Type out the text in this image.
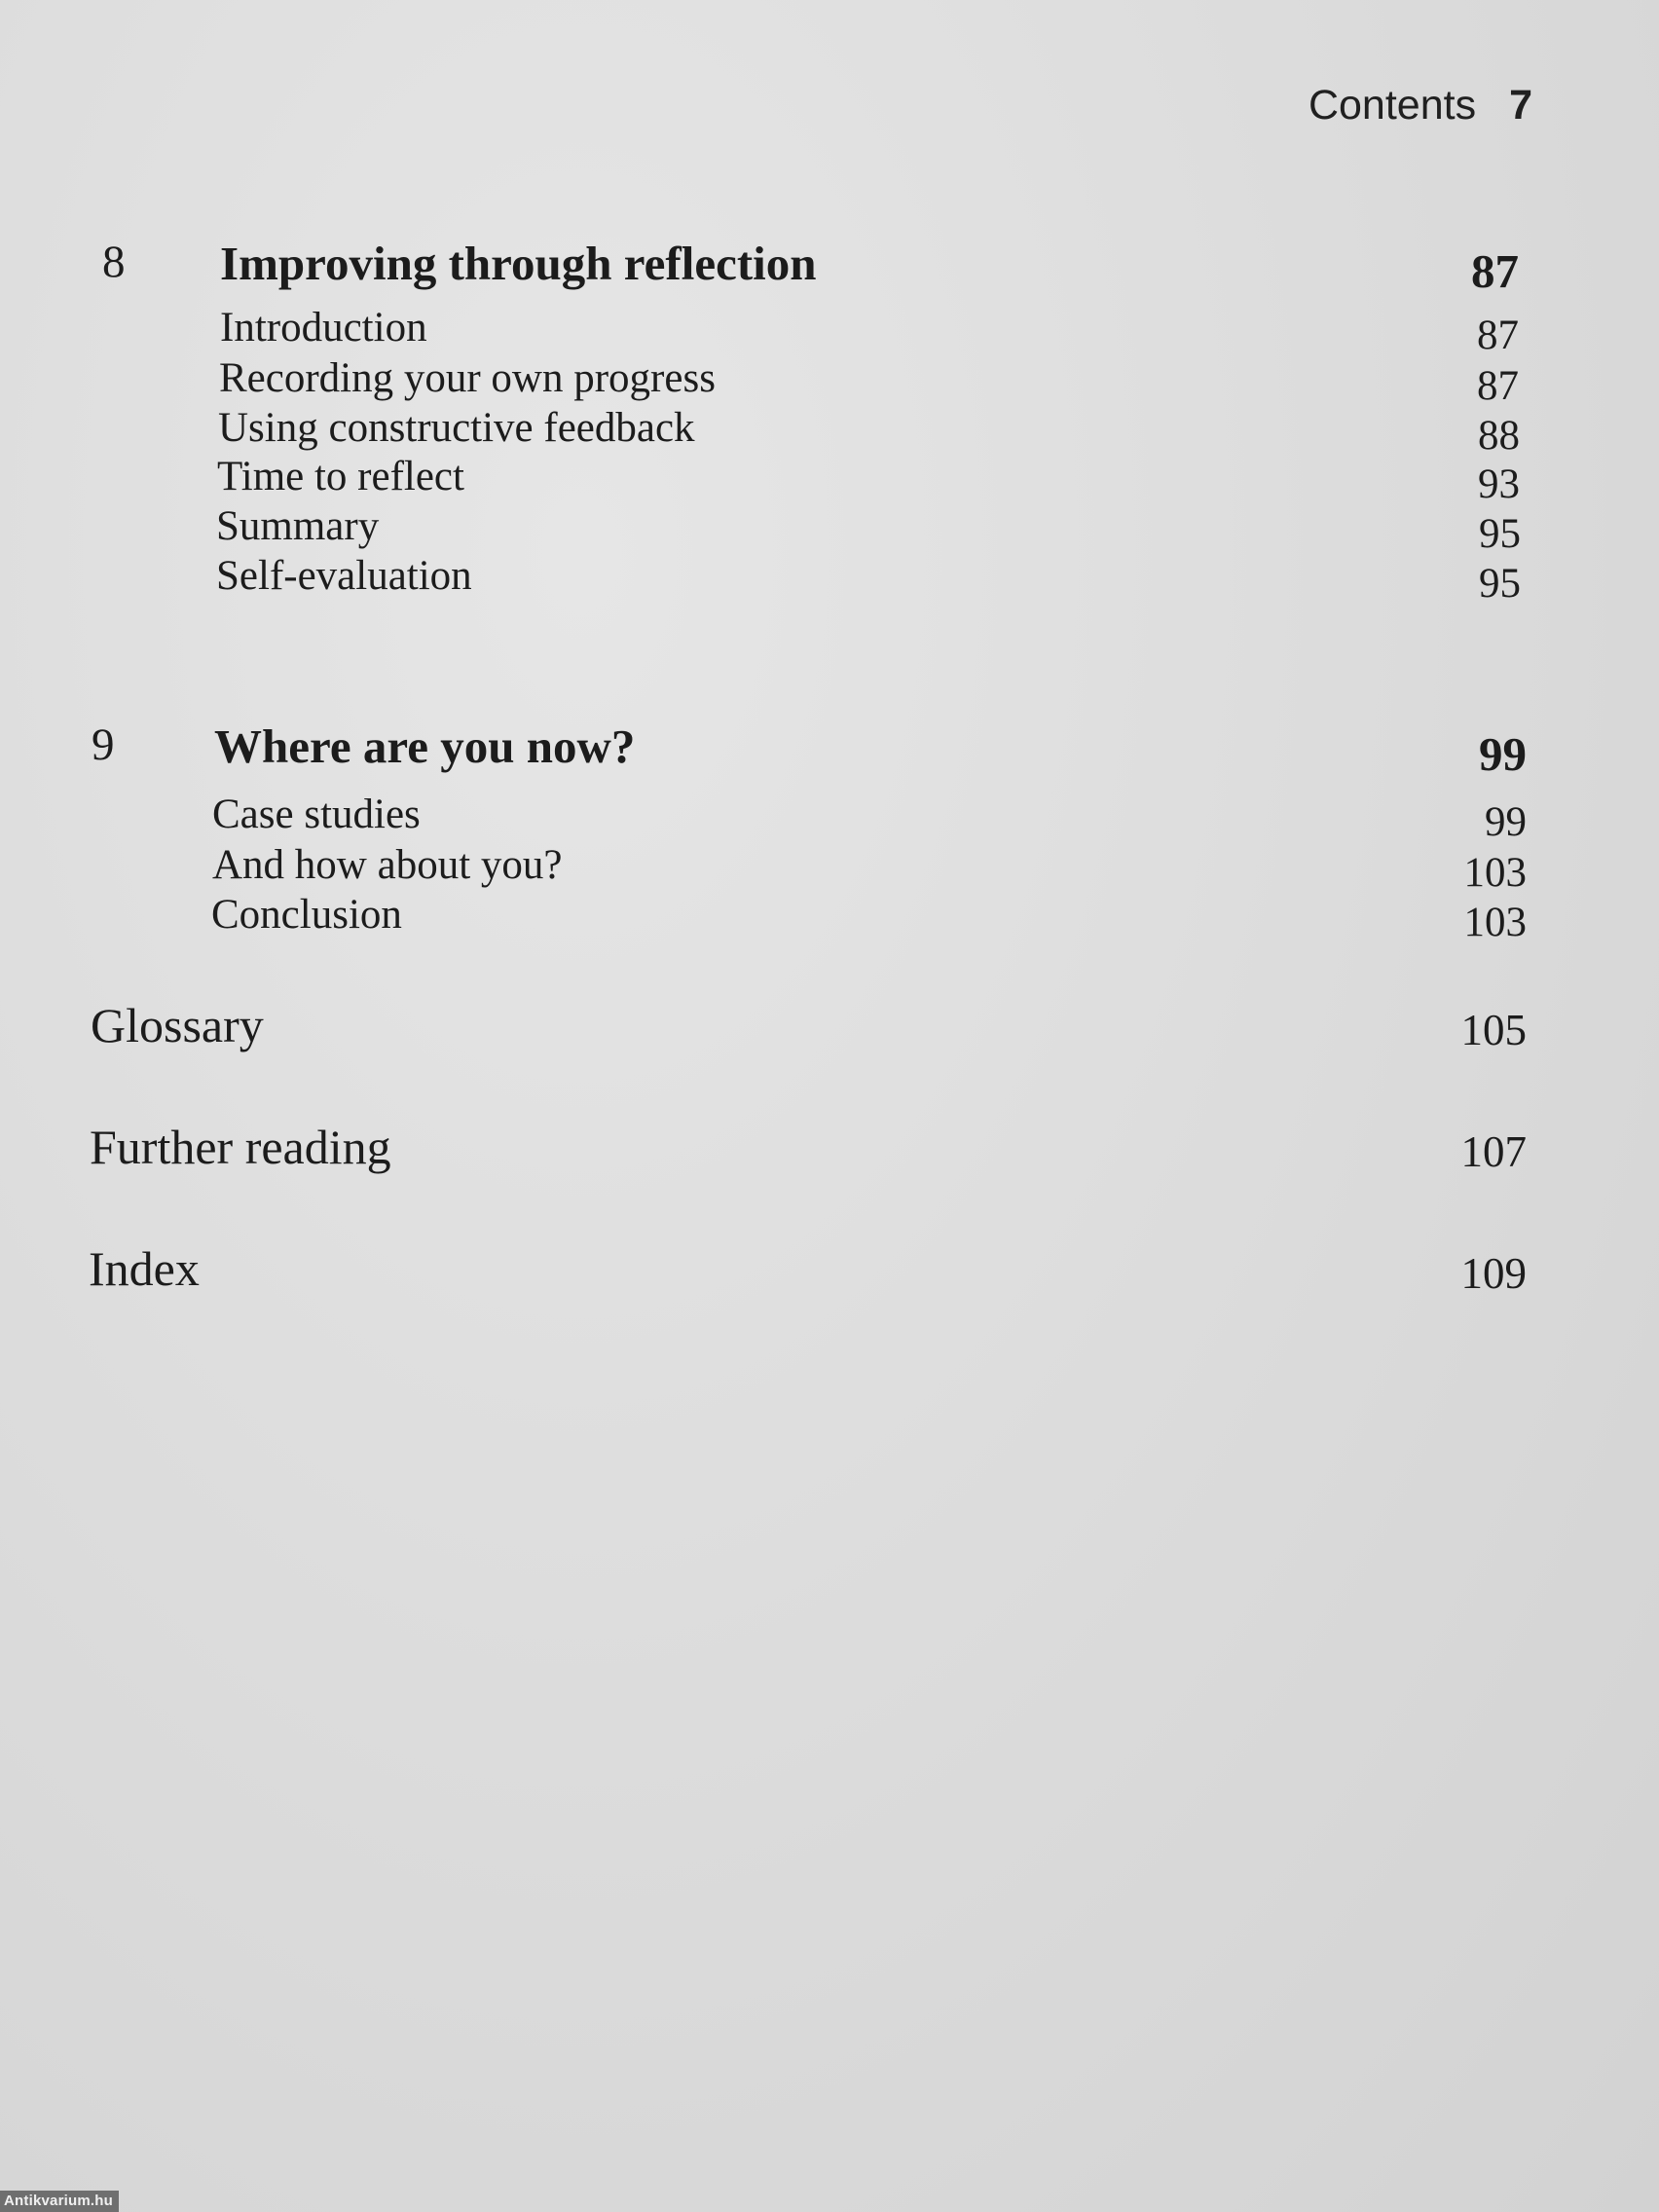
Contents 7
8 Improving through reflection	87
Introduction	87
Recording your own progress	87
Using constructive feedback	88
Time to reflect	93
Summary	95
Self-evaluation	95
9 Where are you now?	99
Case studies	99
And how about you?	103
Conclusion	103
Glossary	105
Further reading	107
Index	109
Antikvarium.hu
